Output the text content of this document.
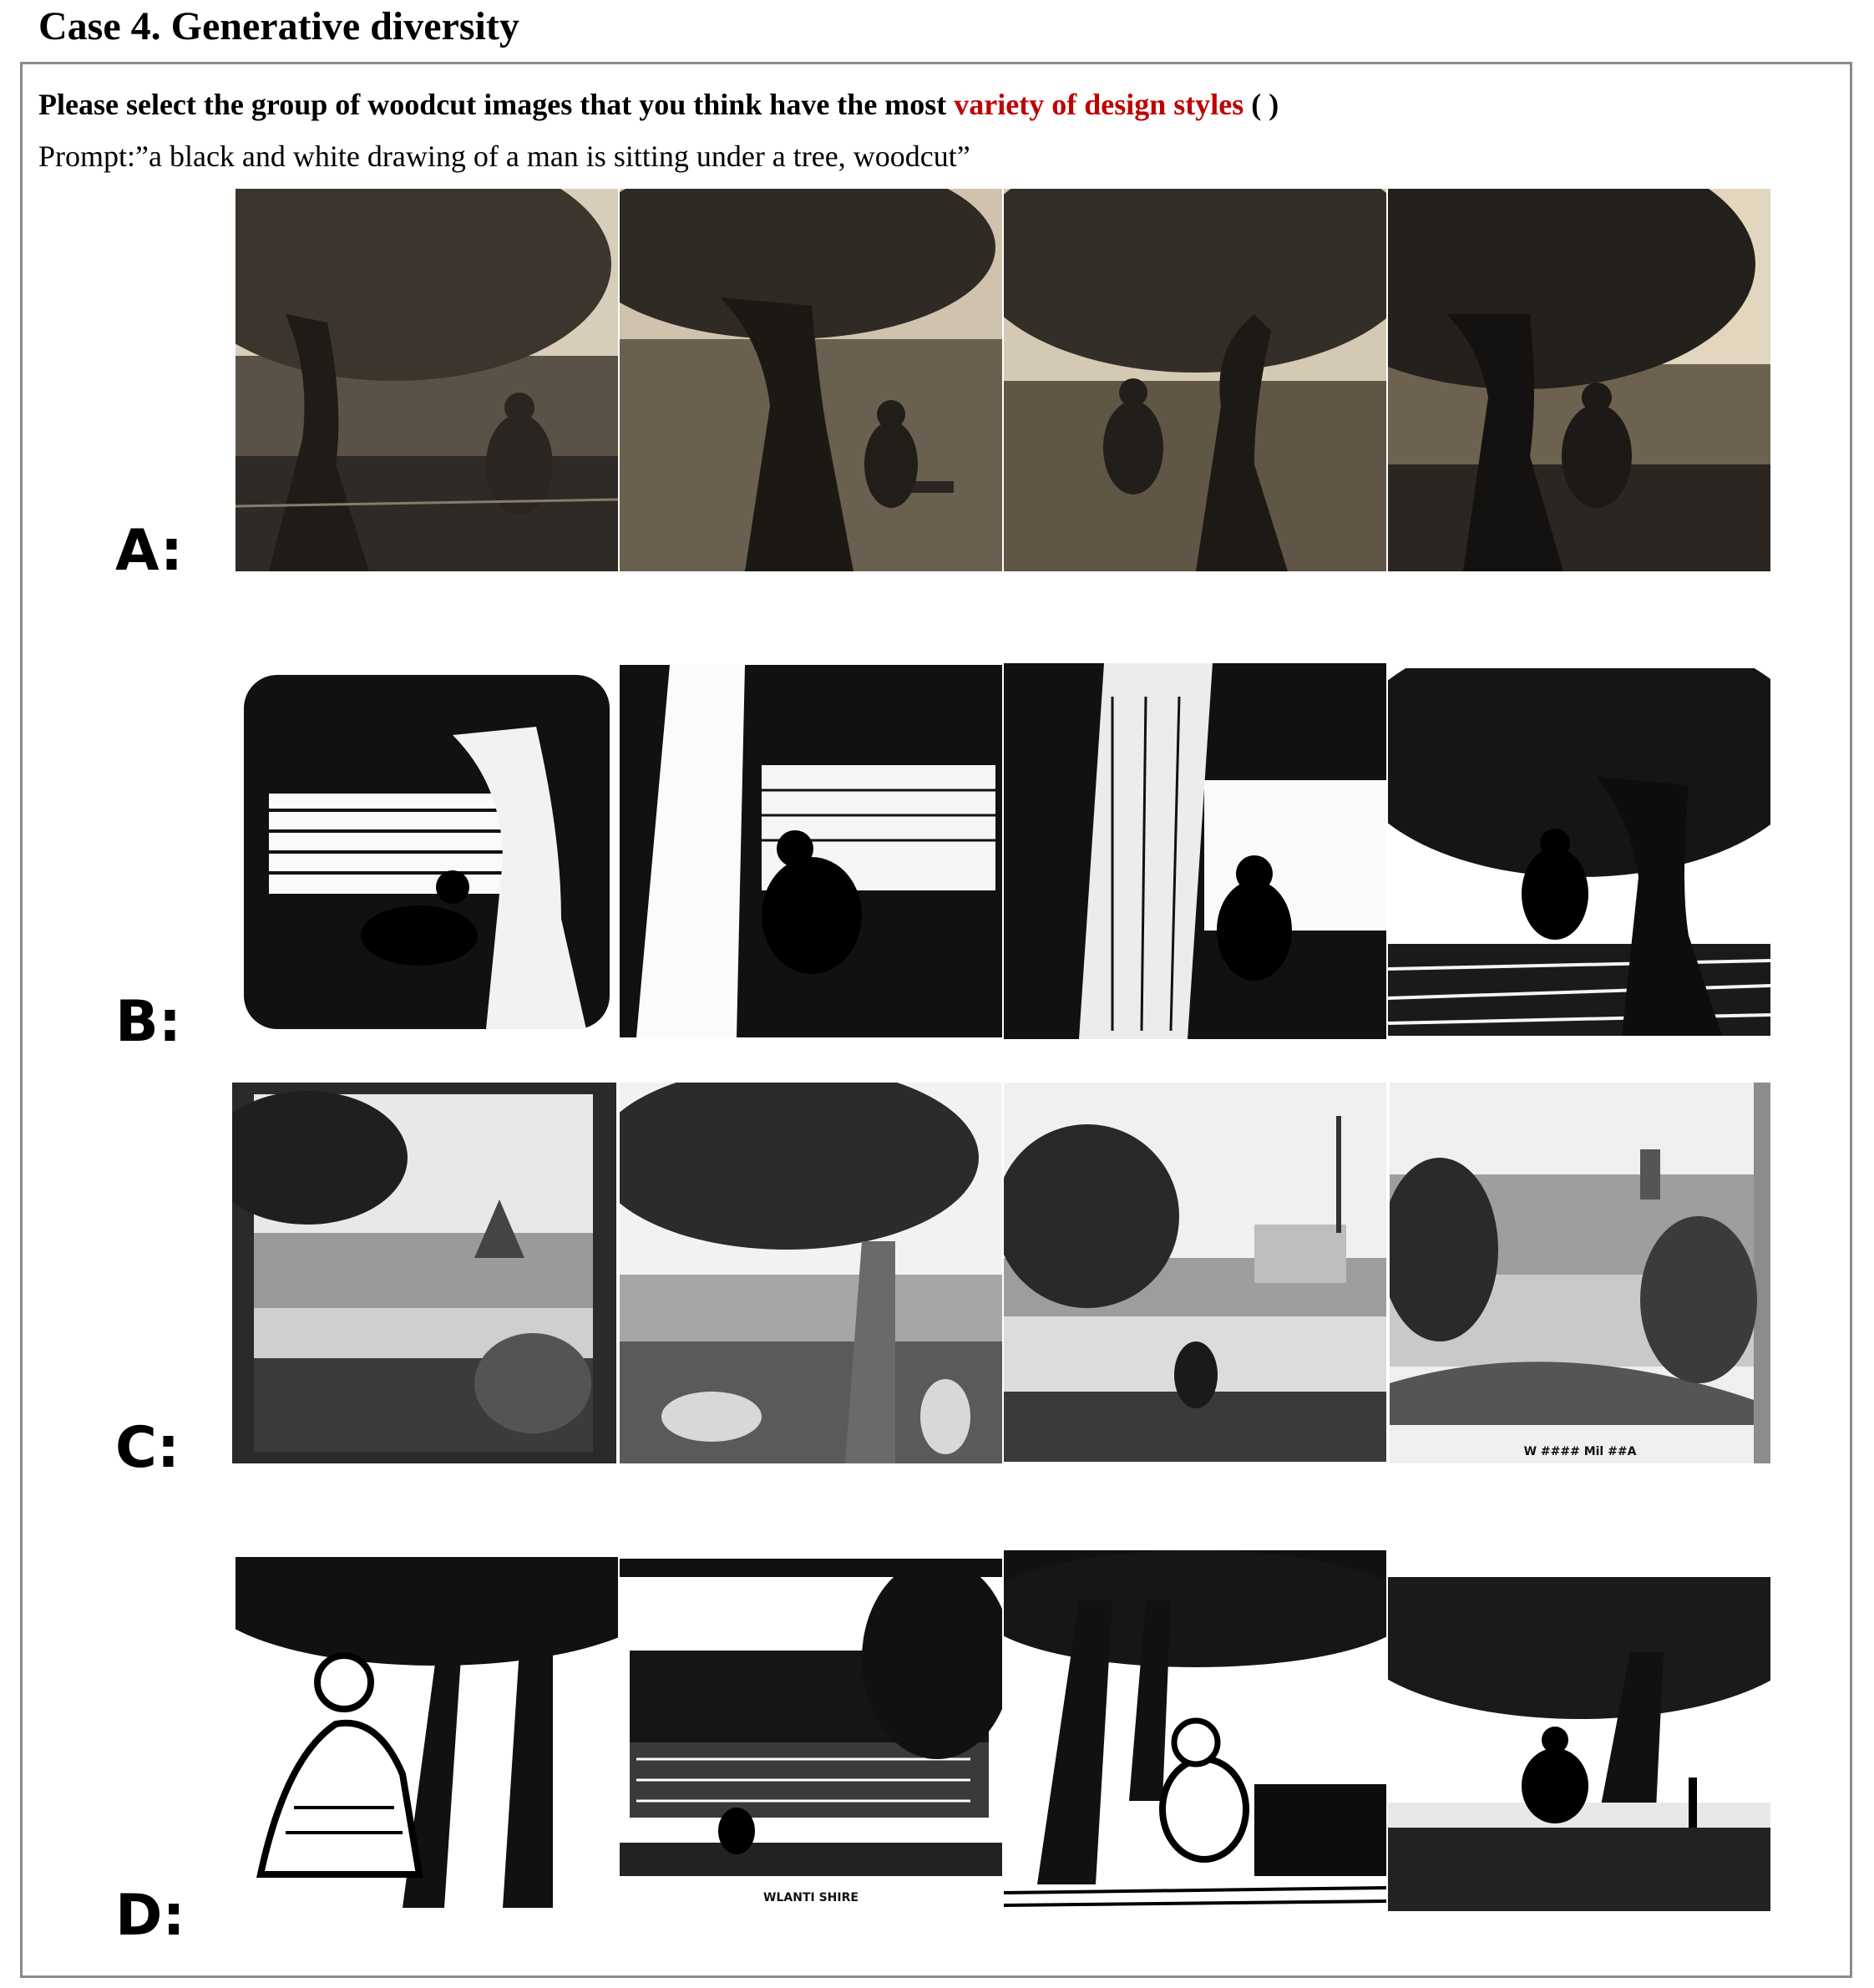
Case 4. Generative diversity
Please select the group of woodcut images that you think have the most variety of design styles ( )
Prompt:”a black and white drawing of a man is sitting under a tree, woodcut”
A:
B:
C:
D:
W #### Mil ##A
WLANTI SHIRE
